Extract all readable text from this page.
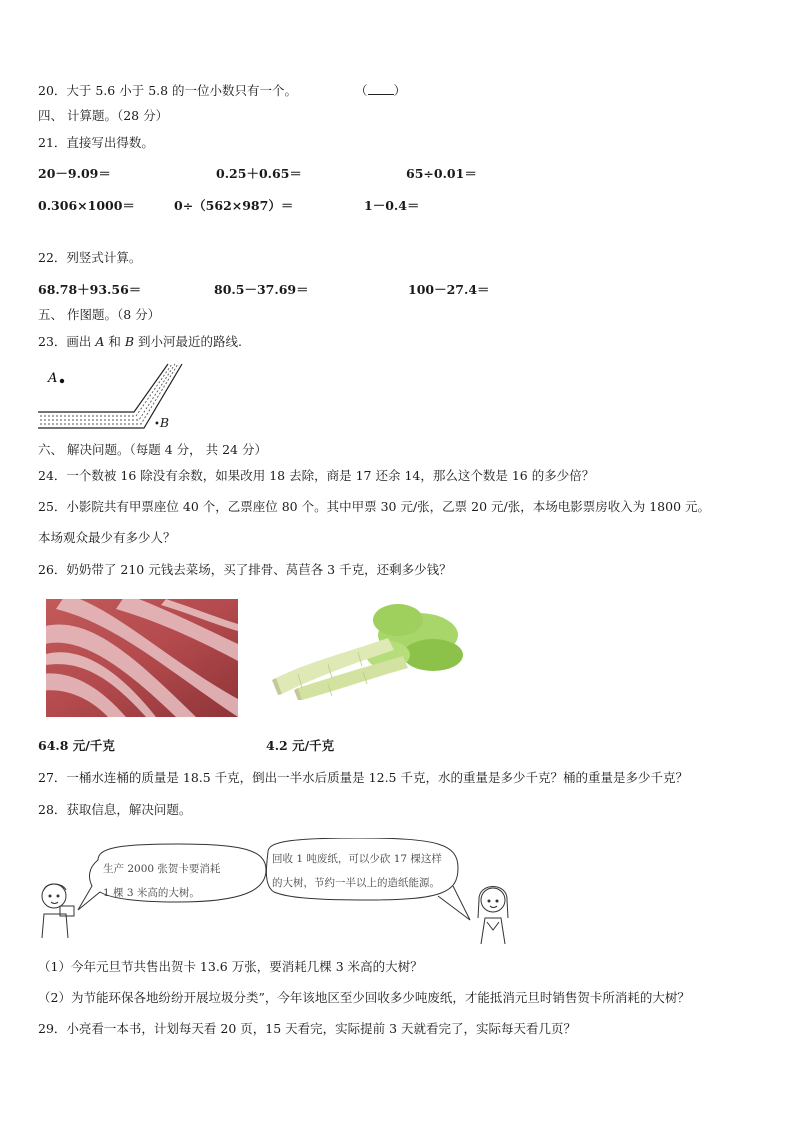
20．大于 5.6 小于 5.8 的一位小数只有一个。	（ ）
四、 计算题。（28 分）
21．直接写出得数。
20－9.09＝	0.25＋0.65＝	65÷0.01＝
0.306×1000＝	0÷（562×987）＝	1－0.4＝
22．列竖式计算。
68.78＋93.56＝	80.5－37.69＝	100－27.4＝
五、 作图题。（8 分）
23．画出 A 和 B 到小河最近的路线.
A
•B
六、 解决问题。（每题 4 分， 共 24 分）
24．一个数被 16 除没有余数，如果改用 18 去除，商是 17 还余 14，那么这个数是 16 的多少倍？
25．小影院共有甲票座位 40 个，乙票座位 80 个。其中甲票 30 元/张，乙票 20 元/张，本场电影票房收入为 1800 元。
本场观众最少有多少人？
26．奶奶带了 210 元钱去菜场，买了排骨、莴苣各 3 千克，还剩多少钱？
64.8 元/千克	4.2 元/千克
27．一桶水连桶的质量是 18.5 千克，倒出一半水后质量是 12.5 千克，水的重量是多少千克？桶的重量是多少千克？
28．获取信息，解决问题。
生产 2000 张贺卡要消耗
1 棵 3 米高的大树。
回收 1 吨废纸，可以少砍 17 棵这样
的大树，节约一半以上的造纸能源。
（1）今年元旦节共售出贺卡 13.6 万张，要消耗几棵 3 米高的大树？
（2）为节能环保各地纷纷开展垃圾分类”，今年该地区至少回收多少吨废纸，才能抵消元旦时销售贺卡所消耗的大树？
29．小亮看一本书，计划每天看 20 页，15 天看完，实际提前 3 天就看完了，实际每天看几页？
